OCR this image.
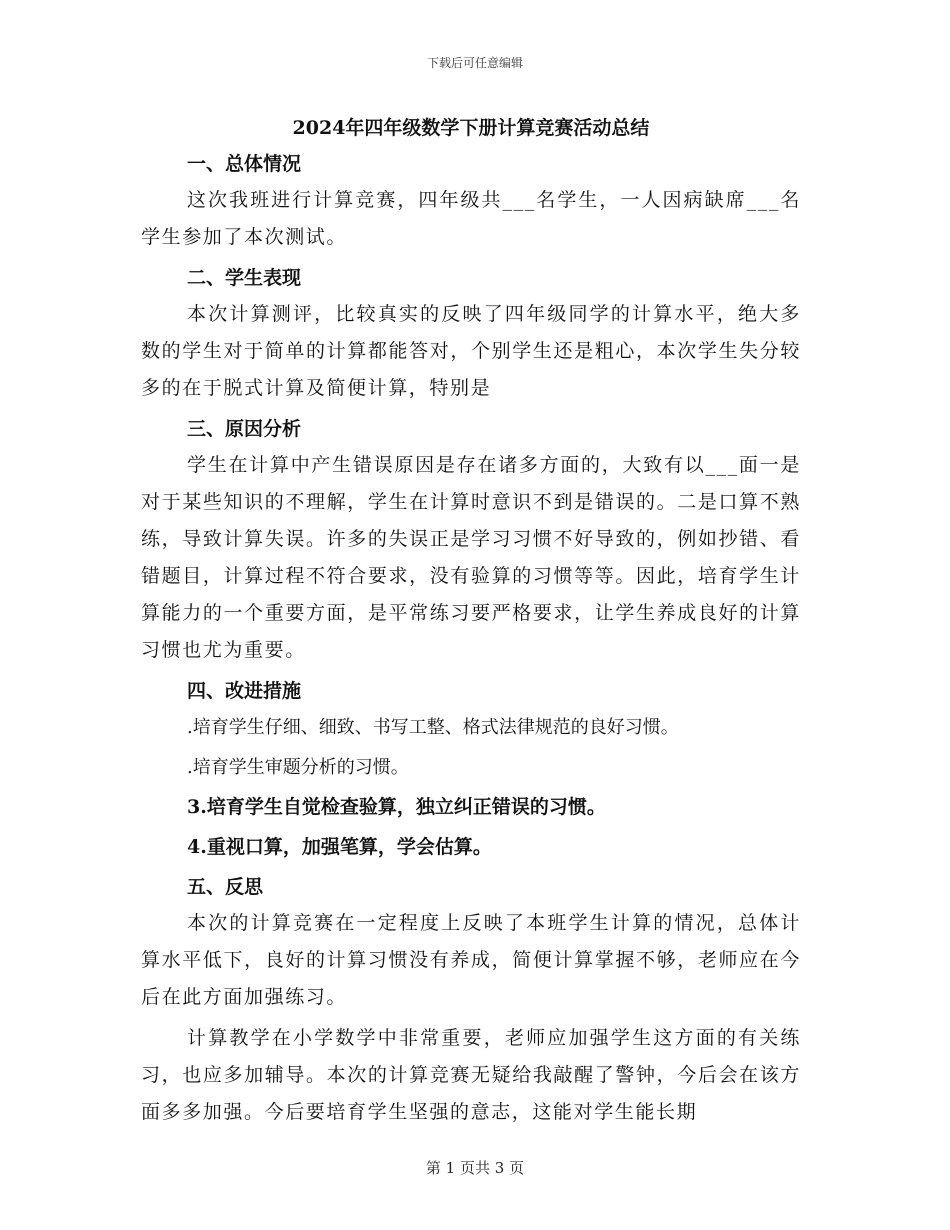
下载后可任意编辑
2024年四年级数学下册计算竞赛活动总结
一、总体情况

这次我班进行计算竞赛，四年级共___名学生，一人因病缺席___名学生参加了本次测试。

二、学生表现

本次计算测评，比较真实的反映了四年级同学的计算水平，绝大多数的学生对于简单的计算都能答对，个别学生还是粗心，本次学生失分较多的在于脱式计算及简便计算，特别是

三、原因分析

学生在计算中产生错误原因是存在诸多方面的，大致有以___面一是对于某些知识的不理解，学生在计算时意识不到是错误的。二是口算不熟练，导致计算失误。许多的失误正是学习习惯不好导致的，例如抄错、看错题目，计算过程不符合要求，没有验算的习惯等等。因此，培育学生计算能力的一个重要方面，是平常练习要严格要求，让学生养成良好的计算习惯也尤为重要。

四、改进措施
.培育学生仔细、细致、书写工整、格式法律规范的良好习惯。
.培育学生审题分析的习惯。
3.培育学生自觉检查验算，独立纠正错误的习惯。
4.重视口算，加强笔算，学会估算。
五、反思

本次的计算竞赛在一定程度上反映了本班学生计算的情况，总体计算水平低下，良好的计算习惯没有养成，简便计算掌握不够，老师应在今后在此方面加强练习。

计算教学在小学数学中非常重要，老师应加强学生这方面的有关练习，也应多加辅导。本次的计算竞赛无疑给我敲醒了警钟，今后会在该方面多多加强。今后要培育学生坚强的意志，这能对学生能长期

第 1 页共 3 页
